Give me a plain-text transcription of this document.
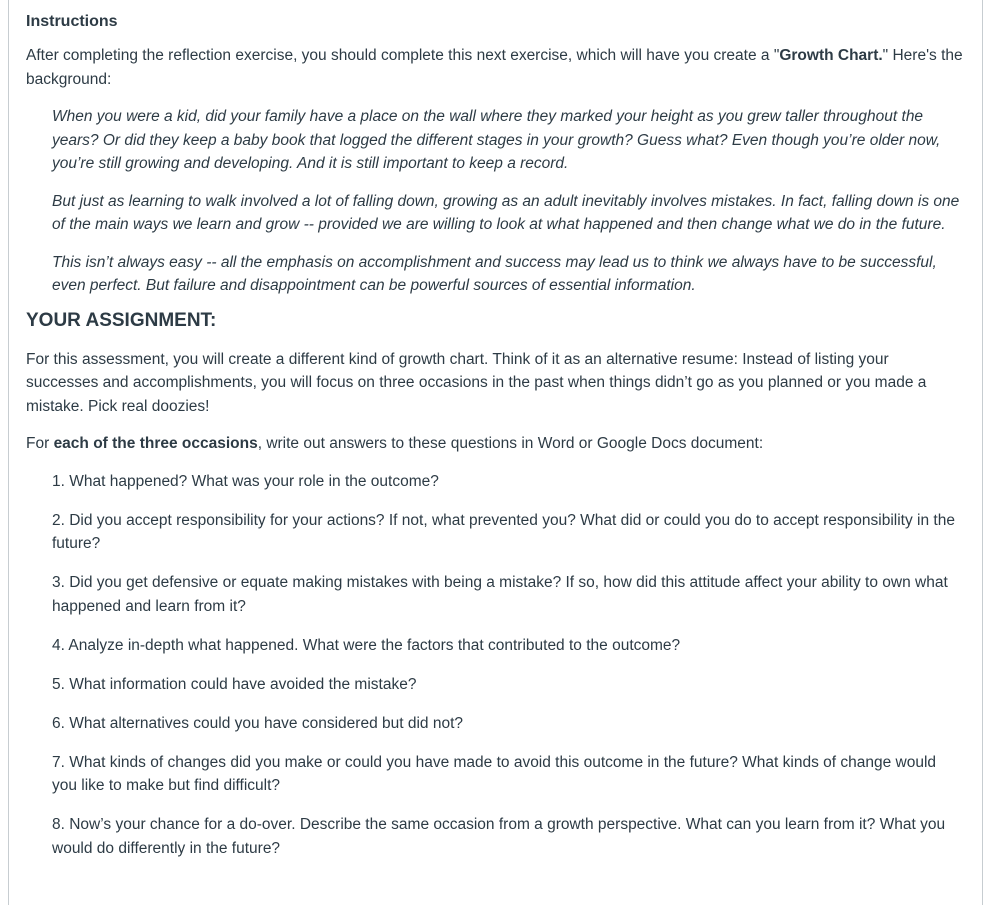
Instructions

After completing the reflection exercise, you should complete this next exercise, which will have you create a "Growth Chart." Here's the background:

When you were a kid, did your family have a place on the wall where they marked your height as you grew taller throughout the years? Or did they keep a baby book that logged the different stages in your growth? Guess what? Even though you’re older now, you’re still growing and developing. And it is still important to keep a record.

But just as learning to walk involved a lot of falling down, growing as an adult inevitably involves mistakes. In fact, falling down is one of the main ways we learn and grow -- provided we are willing to look at what happened and then change what we do in the future.

This isn’t always easy -- all the emphasis on accomplishment and success may lead us to think we always have to be successful, even perfect. But failure and disappointment can be powerful sources of essential information.

YOUR ASSIGNMENT:

For this assessment, you will create a different kind of growth chart. Think of it as an alternative resume: Instead of listing your successes and accomplishments, you will focus on three occasions in the past when things didn’t go as you planned or you made a mistake. Pick real doozies!

For each of the three occasions, write out answers to these questions in Word or Google Docs document:

1. What happened? What was your role in the outcome?
2. Did you accept responsibility for your actions? If not, what prevented you? What did or could you do to accept responsibility in the future?
3. Did you get defensive or equate making mistakes with being a mistake? If so, how did this attitude affect your ability to own what happened and learn from it?
4. Analyze in-depth what happened. What were the factors that contributed to the outcome?
5. What information could have avoided the mistake?
6. What alternatives could you have considered but did not?
7. What kinds of changes did you make or could you have made to avoid this outcome in the future? What kinds of change would you like to make but find difficult?
8. Now’s your chance for a do-over. Describe the same occasion from a growth perspective. What can you learn from it? What you would do differently in the future?
